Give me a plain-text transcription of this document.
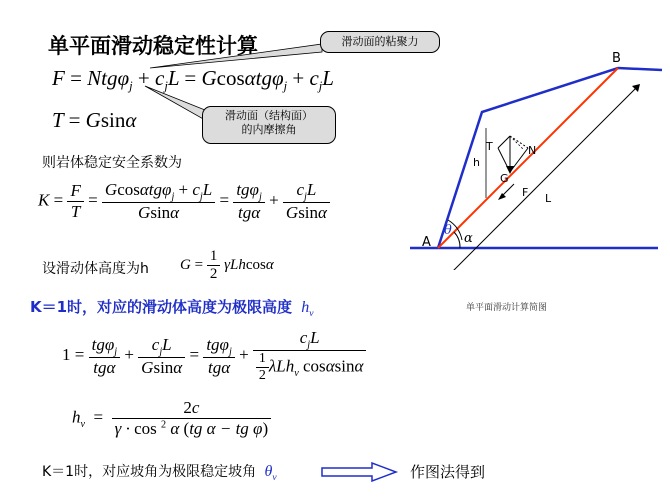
单平面滑动稳定性计算	滑动面的粘聚力
滑动面（结构面）
的内摩擦角
$F = Ntg\varphi_j + c_jL = Gcos\alpha tg\varphi_j + c_jL$
T = Gsinα
则岩体稳定安全系数为
$K = \frac{F}{T} = \frac{Gcos\alpha tg\varphi_j + c_jL}{Gsin\alpha} = \frac{tg\varphi_j}{\text{tgα}} + \frac{c_jL}{Gsin\alpha}$
设滑动体高度为h $G = \frac{1}{2}$ γLhcosα
K＝1时，对应的滑动体高度为极限高度  $h_v$
$1 = \frac{tg\varphi_j}{\text{tgα}} + \frac{c_jL}{Gsin\alpha} = \frac{tg\varphi_j}{\text{tgα}} + \frac{c_jL}{\frac{1}{2} \lambda Lh_v \cos\alpha\sin\alpha}$
$h_v = \frac{2c}{\gamma \cdot \cos ^2 \alpha (tg \alpha - tg \varphi)}$
K＝1时，对应坡角为极限稳定坡角  $\theta_v$	作图法得到
B
A
T	N
G
F L
h
θ
α
单平面滑动计算简图
